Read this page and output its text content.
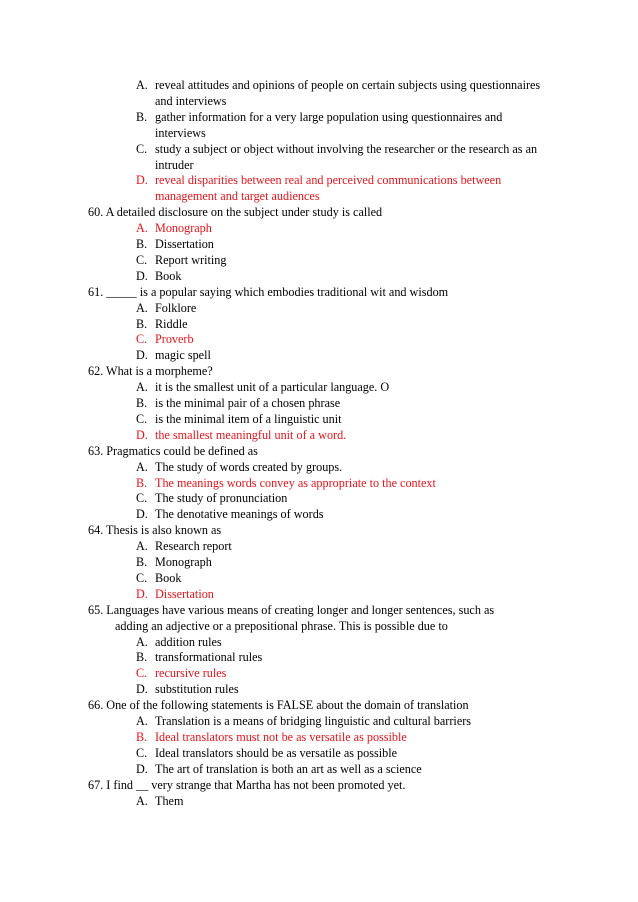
A. reveal attitudes and opinions of people on certain subjects using questionnaires
and interviews
B. gather information for a very large population using questionnaires and
interviews
C. study a subject or object without involving the researcher or the research as an
intruder
D. reveal disparities between real and perceived communications between
management and target audiences
60. A detailed disclosure on the subject under study is called
A. Monograph
B. Dissertation
C. Report writing
D. Book
61. _____ is a popular saying which embodies traditional wit and wisdom
A. Folklore
B. Riddle
C. Proverb
D. magic spell
62. What is a morpheme?
A. it is the smallest unit of a particular language. O
B. is the minimal pair of a chosen phrase
C. is the minimal item of a linguistic unit
D. the smallest meaningful unit of a word.
63. Pragmatics could be defined as
A. The study of words created by groups.
B. The meanings words convey as appropriate to the context
C. The study of pronunciation
D. The denotative meanings of words
64. Thesis is also known as
A. Research report
B. Monograph
C. Book
D. Dissertation
65. Languages have various means of creating longer and longer sentences, such as
adding an adjective or a prepositional phrase. This is possible due to
A. addition rules
B. transformational rules
C. recursive rules
D. substitution rules
66. One of the following statements is FALSE about the domain of translation
A. Translation is a means of bridging linguistic and cultural barriers
B. Ideal translators must not be as versatile as possible
C. Ideal translators should be as versatile as possible
D. The art of translation is both an art as well as a science
67. I find __ very strange that Martha has not been promoted yet.
A. Them
